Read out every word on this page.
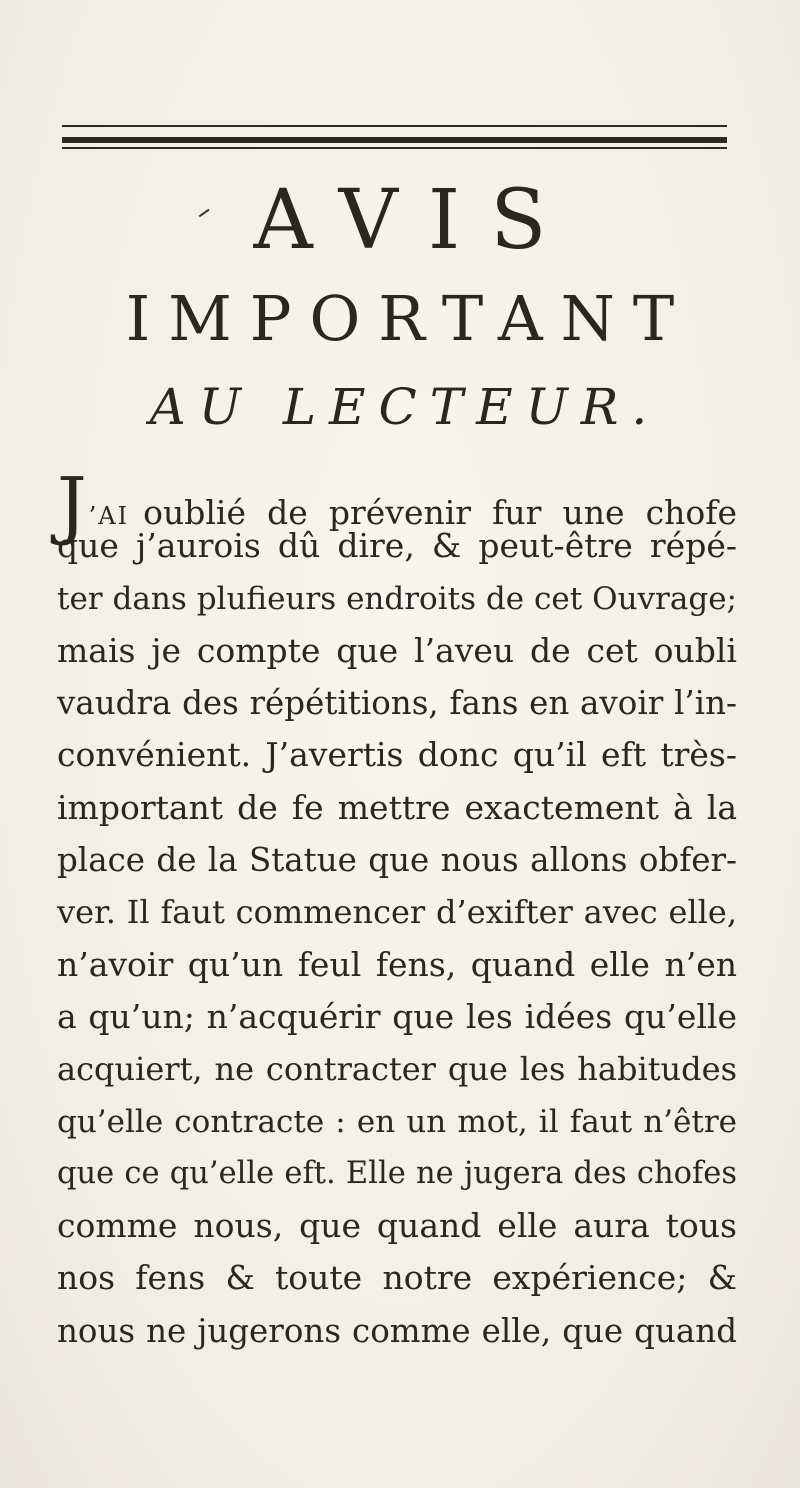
AVIS
IMPORTANT
AU LECTEUR.
J’AI oublié de prévenir fur une chofe
que j’aurois dû dire, & peut-être répé-
ter dans plufieurs endroits de cet Ouvrage;
mais je compte que l’aveu de cet oubli
vaudra des répétitions, fans en avoir l’in-
convénient. J’avertis donc qu’il eft très-
important de fe mettre exactement à la
place de la Statue que nous allons obfer-
ver. Il faut commencer d’exifter avec elle,
n’avoir qu’un feul fens, quand elle n’en
a qu’un; n’acquérir que les idées qu’elle
acquiert, ne contracter que les habitudes
qu’elle contracte : en un mot, il faut n’être
que ce qu’elle eft. Elle ne jugera des chofes
comme nous, que quand elle aura tous
nos fens & toute notre expérience; &
nous ne jugerons comme elle, que quand
